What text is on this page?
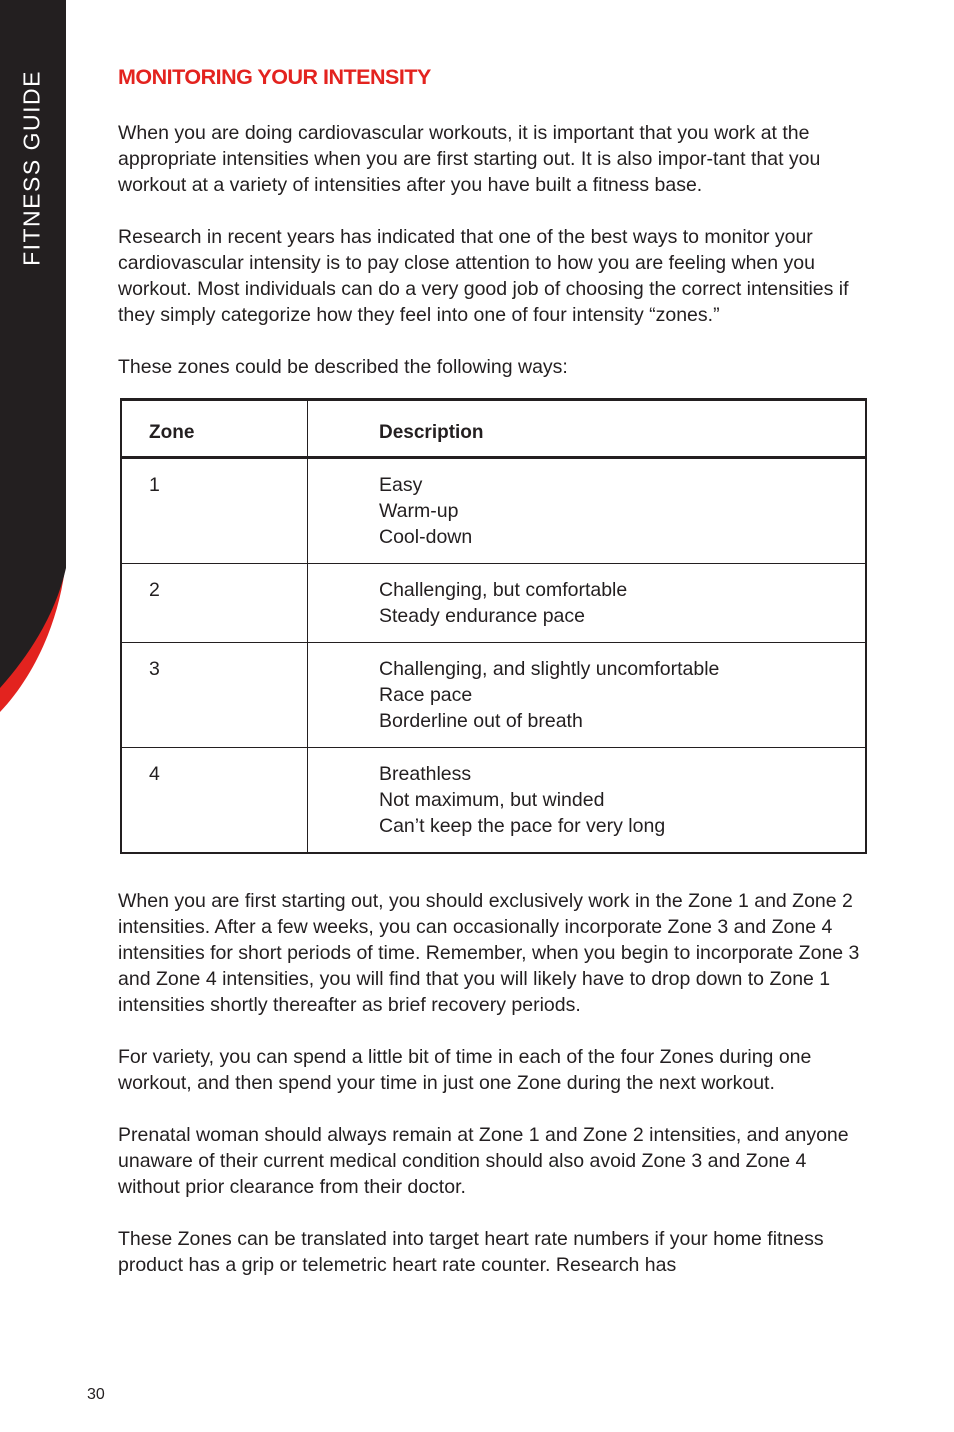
FITNESS GUIDE	MONITORING YOUR INTENSITY

When you are doing cardiovascular workouts, it is important that you work at the appropriate intensities when you are first starting out. It is also impor-tant that you workout at a variety of intensities after you have built a fitness base.

Research in recent years has indicated that one of the best ways to monitor your cardiovascular intensity is to pay close attention to how you are feeling when you workout. Most individuals can do a very good job of choosing the correct intensities if they simply categorize how they feel into one of four intensity “zones.”

These zones could be described the following ways:

Zone	Description
1	Easy
Warm-up
Cool-down

2	Challenging, but comfortable
Steady endurance pace

3	Challenging, and slightly uncomfortable
Race pace
Borderline out of breath

4	Breathless
Not maximum, but winded
Can’t keep the pace for very long

When you are first starting out, you should exclusively work in the Zone 1 and Zone 2 intensities. After a few weeks, you can occasionally incorporate Zone 3 and Zone 4 intensities for short periods of time. Remember, when you begin to incorporate Zone 3 and Zone 4 intensities, you will find that you will likely have to drop down to Zone 1 intensities shortly thereafter as brief recovery periods.

For variety, you can spend a little bit of time in each of the four Zones during one workout, and then spend your time in just one Zone during the next workout.

Prenatal woman should always remain at Zone 1 and Zone 2 intensities, and anyone unaware of their current medical condition should also avoid Zone 3 and Zone 4 without prior clearance from their doctor.

These Zones can be translated into target heart rate numbers if your home fitness product has a grip or telemetric heart rate counter. Research has

30
